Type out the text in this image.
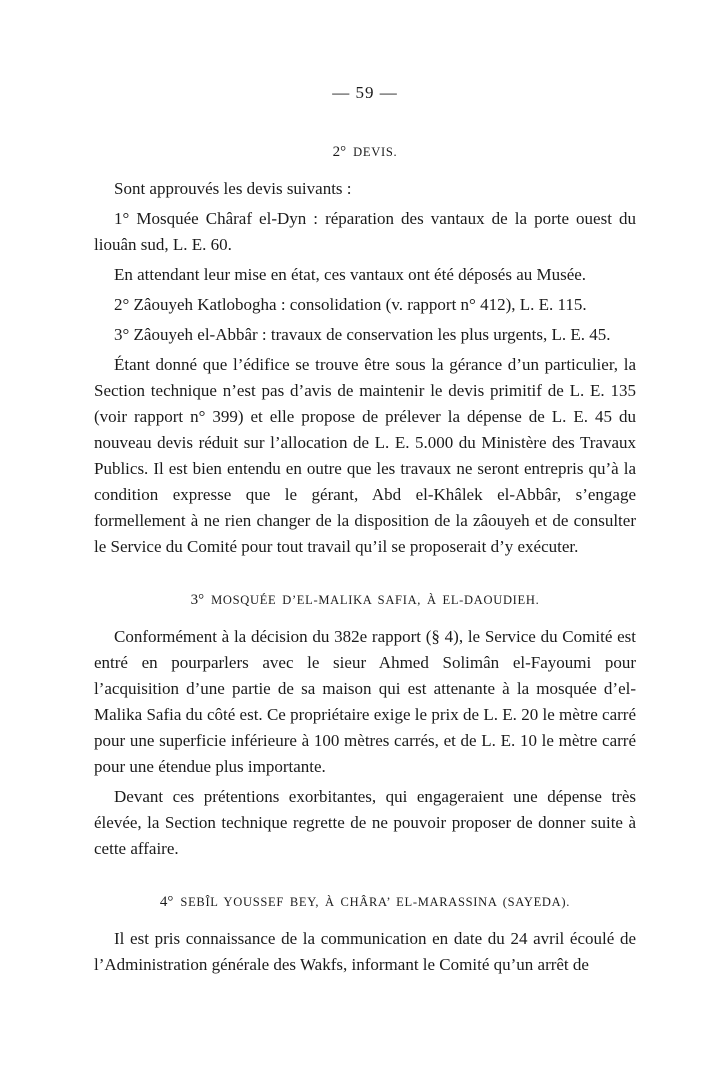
— 59 —
2° DEVIS.

Sont approuvés les devis suivants :

1° Mosquée Châraf el-Dyn : réparation des vantaux de la porte ouest du liouân sud, L. E. 60.

En attendant leur mise en état, ces vantaux ont été déposés au Musée.

2° Zâouyeh Katlobogha : consolidation (v. rapport n° 412), L. E. 115.

3° Zâouyeh el-Abbâr : travaux de conservation les plus urgents, L. E. 45.

Étant donné que l’édifice se trouve être sous la gérance d’un particulier, la Section technique n’est pas d’avis de maintenir le devis primitif de L. E. 135 (voir rapport n° 399) et elle propose de prélever la dépense de L. E. 45 du nouveau devis réduit sur l’allocation de L. E. 5.000 du Ministère des Travaux Publics. Il est bien entendu en outre que les travaux ne seront entrepris qu’à la condition expresse que le gérant, Abd el-Khâlek el-Abbâr, s’engage formellement à ne rien changer de la disposition de la zâouyeh et de consulter le Service du Comité pour tout travail qu’il se proposerait d’y exécuter.

3° MOSQUÉE D’EL-MALIKA SAFIA, À EL-DAOUDIEH.

Conformément à la décision du 382e rapport (§ 4), le Service du Comité est entré en pourparlers avec le sieur Ahmed Solimân el-Fayoumi pour l’acquisition d’une partie de sa maison qui est attenante à la mosquée d’el-Malika Safia du côté est. Ce propriétaire exige le prix de L. E. 20 le mètre carré pour une superficie inférieure à 100 mètres carrés, et de L. E. 10 le mètre carré pour une étendue plus importante.

Devant ces prétentions exorbitantes, qui engageraient une dépense très élevée, la Section technique regrette de ne pouvoir proposer de donner suite à cette affaire.

4° SEBÎL YOUSSEF BEY, À CHÂRA’ EL-MARASSINA (SAYEDA).

Il est pris connaissance de la communication en date du 24 avril écoulé de l’Administration générale des Wakfs, informant le Comité qu’un arrêt de
